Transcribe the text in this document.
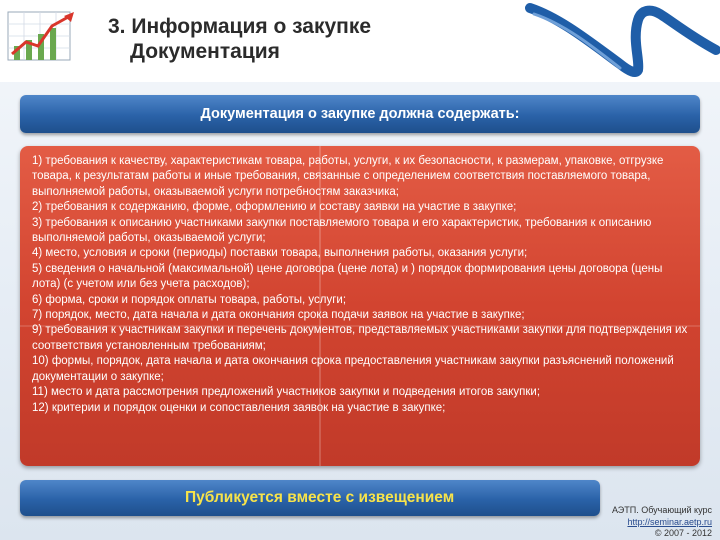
3. Информация о закупке
Документация
Документация о закупке должна содержать:
1) требования к качеству, характеристикам товара, работы, услуги, к их безопасности, к размерам, упаковке, отгрузке товара, к результатам работы и иные требования, связанные с определением соответствия поставляемого товара, выполняемой работы, оказываемой услуги потребностям заказчика;
2) требования к содержанию, форме, оформлению и составу заявки на участие в закупке;
3) требования к описанию участниками закупки поставляемого товара и его характеристик, требования к описанию выполняемой работы, оказываемой услуги;
4) место, условия и сроки (периоды) поставки товара, выполнения работы, оказания услуги;
5) сведения о начальной (максимальной) цене договора (цене лота) и ) порядок формирования цены договора (цены лота) (с учетом или без учета расходов);
6) форма, сроки и порядок оплаты товара, работы, услуги;
7) порядок, место, дата начала и дата окончания срока подачи заявок на участие в закупке;
9) требования к участникам закупки и перечень документов, представляемых участниками закупки для подтверждения их соответствия установленным требованиям;
10) формы, порядок, дата начала и дата окончания срока предоставления участникам закупки разъяснений положений документации о закупке;
11) место и дата рассмотрения предложений участников закупки и подведения итогов закупки;
12) критерии и порядок оценки и сопоставления заявок на участие в закупке;
Публикуется вместе с извещением
АЭТП. Обучающий курс
http://seminar.aetp.ru
© 2007 - 2012
